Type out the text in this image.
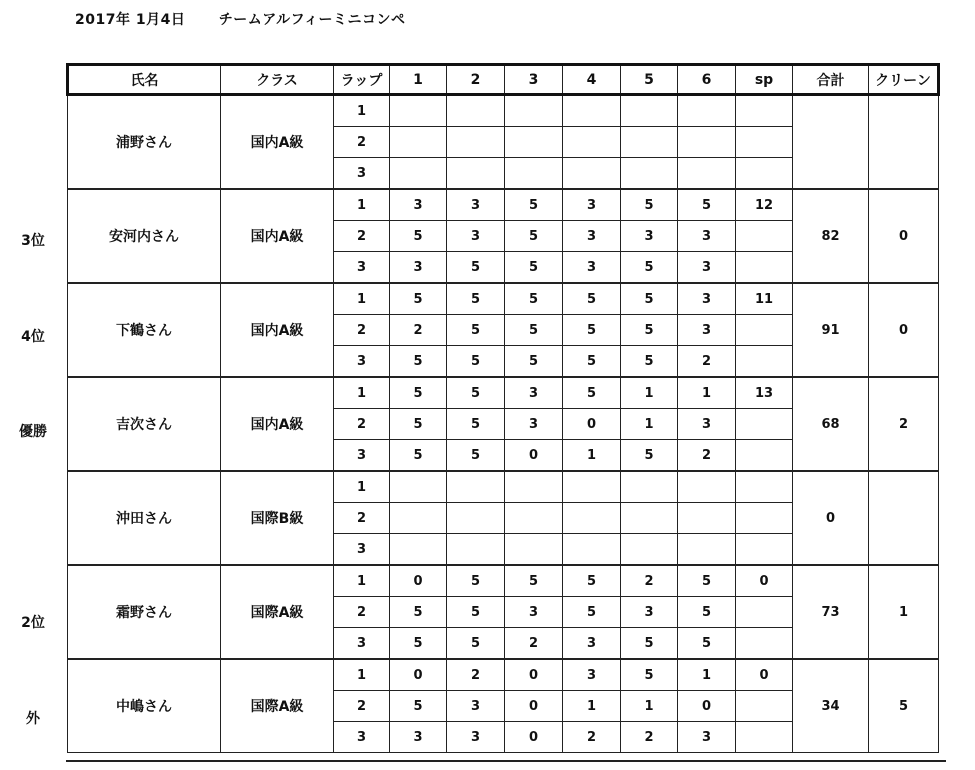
2017年 1月4日 チームアルフィーミニコンペ
3位
4位
優勝
2位
外
氏名	クラス	ラップ	1	2	3	4	5	6	sp	合計	クリーン
浦野さん	国内A級	1									
		2									
		3									
安河内さん	国内A級	1	3	3	5	3	5	5	12	82	0
		2	5	3	5	3	3	3			
		3	3	5	5	3	5	3			
下鶴さん	国内A級	1	5	5	5	5	5	3	11	91	0
		2	2	5	5	5	5	3			
		3	5	5	5	5	5	2			
吉次さん	国内A級	1	5	5	3	5	1	1	13	68	2
		2	5	5	3	0	1	3			
		3	5	5	0	1	5	2			
沖田さん	国際B級	1								0	
		2									
		3									
霜野さん	国際A級	1	0	5	5	5	2	5	0	73	1
		2	5	5	3	5	3	5			
		3	5	5	2	3	5	5			
中嶋さん	国際A級	1	0	2	0	3	5	1	0	34	5
		2	5	3	0	1	1	0			
		3	3	3	0	2	2	3			
